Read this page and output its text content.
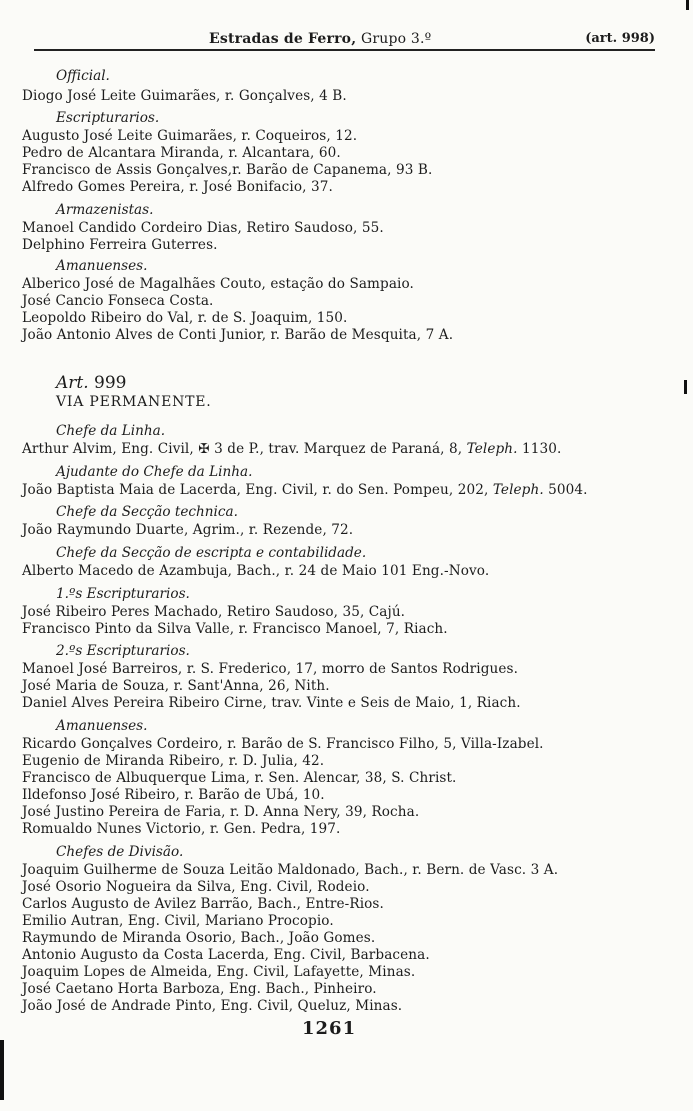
Estradas de Ferro, Grupo 3.º	(art. 998)
Official.
Diogo José Leite Guimarães, r. Gonçalves, 4 B.
Escripturarios.
Augusto José Leite Guimarães, r. Coqueiros, 12.
Pedro de Alcantara Miranda, r. Alcantara, 60.
Francisco de Assis Gonçalves,r. Barão de Capanema, 93 B.
Alfredo Gomes Pereira, r. José Bonifacio, 37.
Armazenistas.
Manoel Candido Cordeiro Dias, Retiro Saudoso, 55.
Delphino Ferreira Guterres.
Amanuenses.
Alberico José de Magalhães Couto, estação do Sampaio.
José Cancio Fonseca Costa.
Leopoldo Ribeiro do Val, r. de S. Joaquim, 150.
João Antonio Alves de Conti Junior, r. Barão de Mesquita, 7 A.
Art. 999
VIA PERMANENTE.
Chefe da Linha.
Arthur Alvim, Eng. Civil, ✠ 3 de P., trav. Marquez de Paraná, 8, Teleph. 1130.
Ajudante do Chefe da Linha.
João Baptista Maia de Lacerda, Eng. Civil, r. do Sen. Pompeu, 202, Teleph. 5004.
Chefe da Secção technica.
João Raymundo Duarte, Agrim., r. Rezende, 72.
Chefe da Secção de escripta e contabilidade.
Alberto Macedo de Azambuja, Bach., r. 24 de Maio 101 Eng.-Novo.
1.ºs Escripturarios.
José Ribeiro Peres Machado, Retiro Saudoso, 35, Cajú.
Francisco Pinto da Silva Valle, r. Francisco Manoel, 7, Riach.
2.ºs Escripturarios.
Manoel José Barreiros, r. S. Frederico, 17, morro de Santos Rodrigues.
José Maria de Souza, r. Sant'Anna, 26, Nith.
Daniel Alves Pereira Ribeiro Cirne, trav. Vinte e Seis de Maio, 1, Riach.
Amanuenses.
Ricardo Gonçalves Cordeiro, r. Barão de S. Francisco Filho, 5, Villa-Izabel.
Eugenio de Miranda Ribeiro, r. D. Julia, 42.
Francisco de Albuquerque Lima, r. Sen. Alencar, 38, S. Christ.
Ildefonso José Ribeiro, r. Barão de Ubá, 10.
José Justino Pereira de Faria, r. D. Anna Nery, 39, Rocha.
Romualdo Nunes Victorio, r. Gen. Pedra, 197.
Chefes de Divisão.
Joaquim Guilherme de Souza Leitão Maldonado, Bach., r. Bern. de Vasc. 3 A.
José Osorio Nogueira da Silva, Eng. Civil, Rodeio.
Carlos Augusto de Avilez Barrão, Bach., Entre-Rios.
Emilio Autran, Eng. Civil, Mariano Procopio.
Raymundo de Miranda Osorio, Bach., João Gomes.
Antonio Augusto da Costa Lacerda, Eng. Civil, Barbacena.
Joaquim Lopes de Almeida, Eng. Civil, Lafayette, Minas.
José Caetano Horta Barboza, Eng. Bach., Pinheiro.
João José de Andrade Pinto, Eng. Civil, Queluz, Minas.
1261
